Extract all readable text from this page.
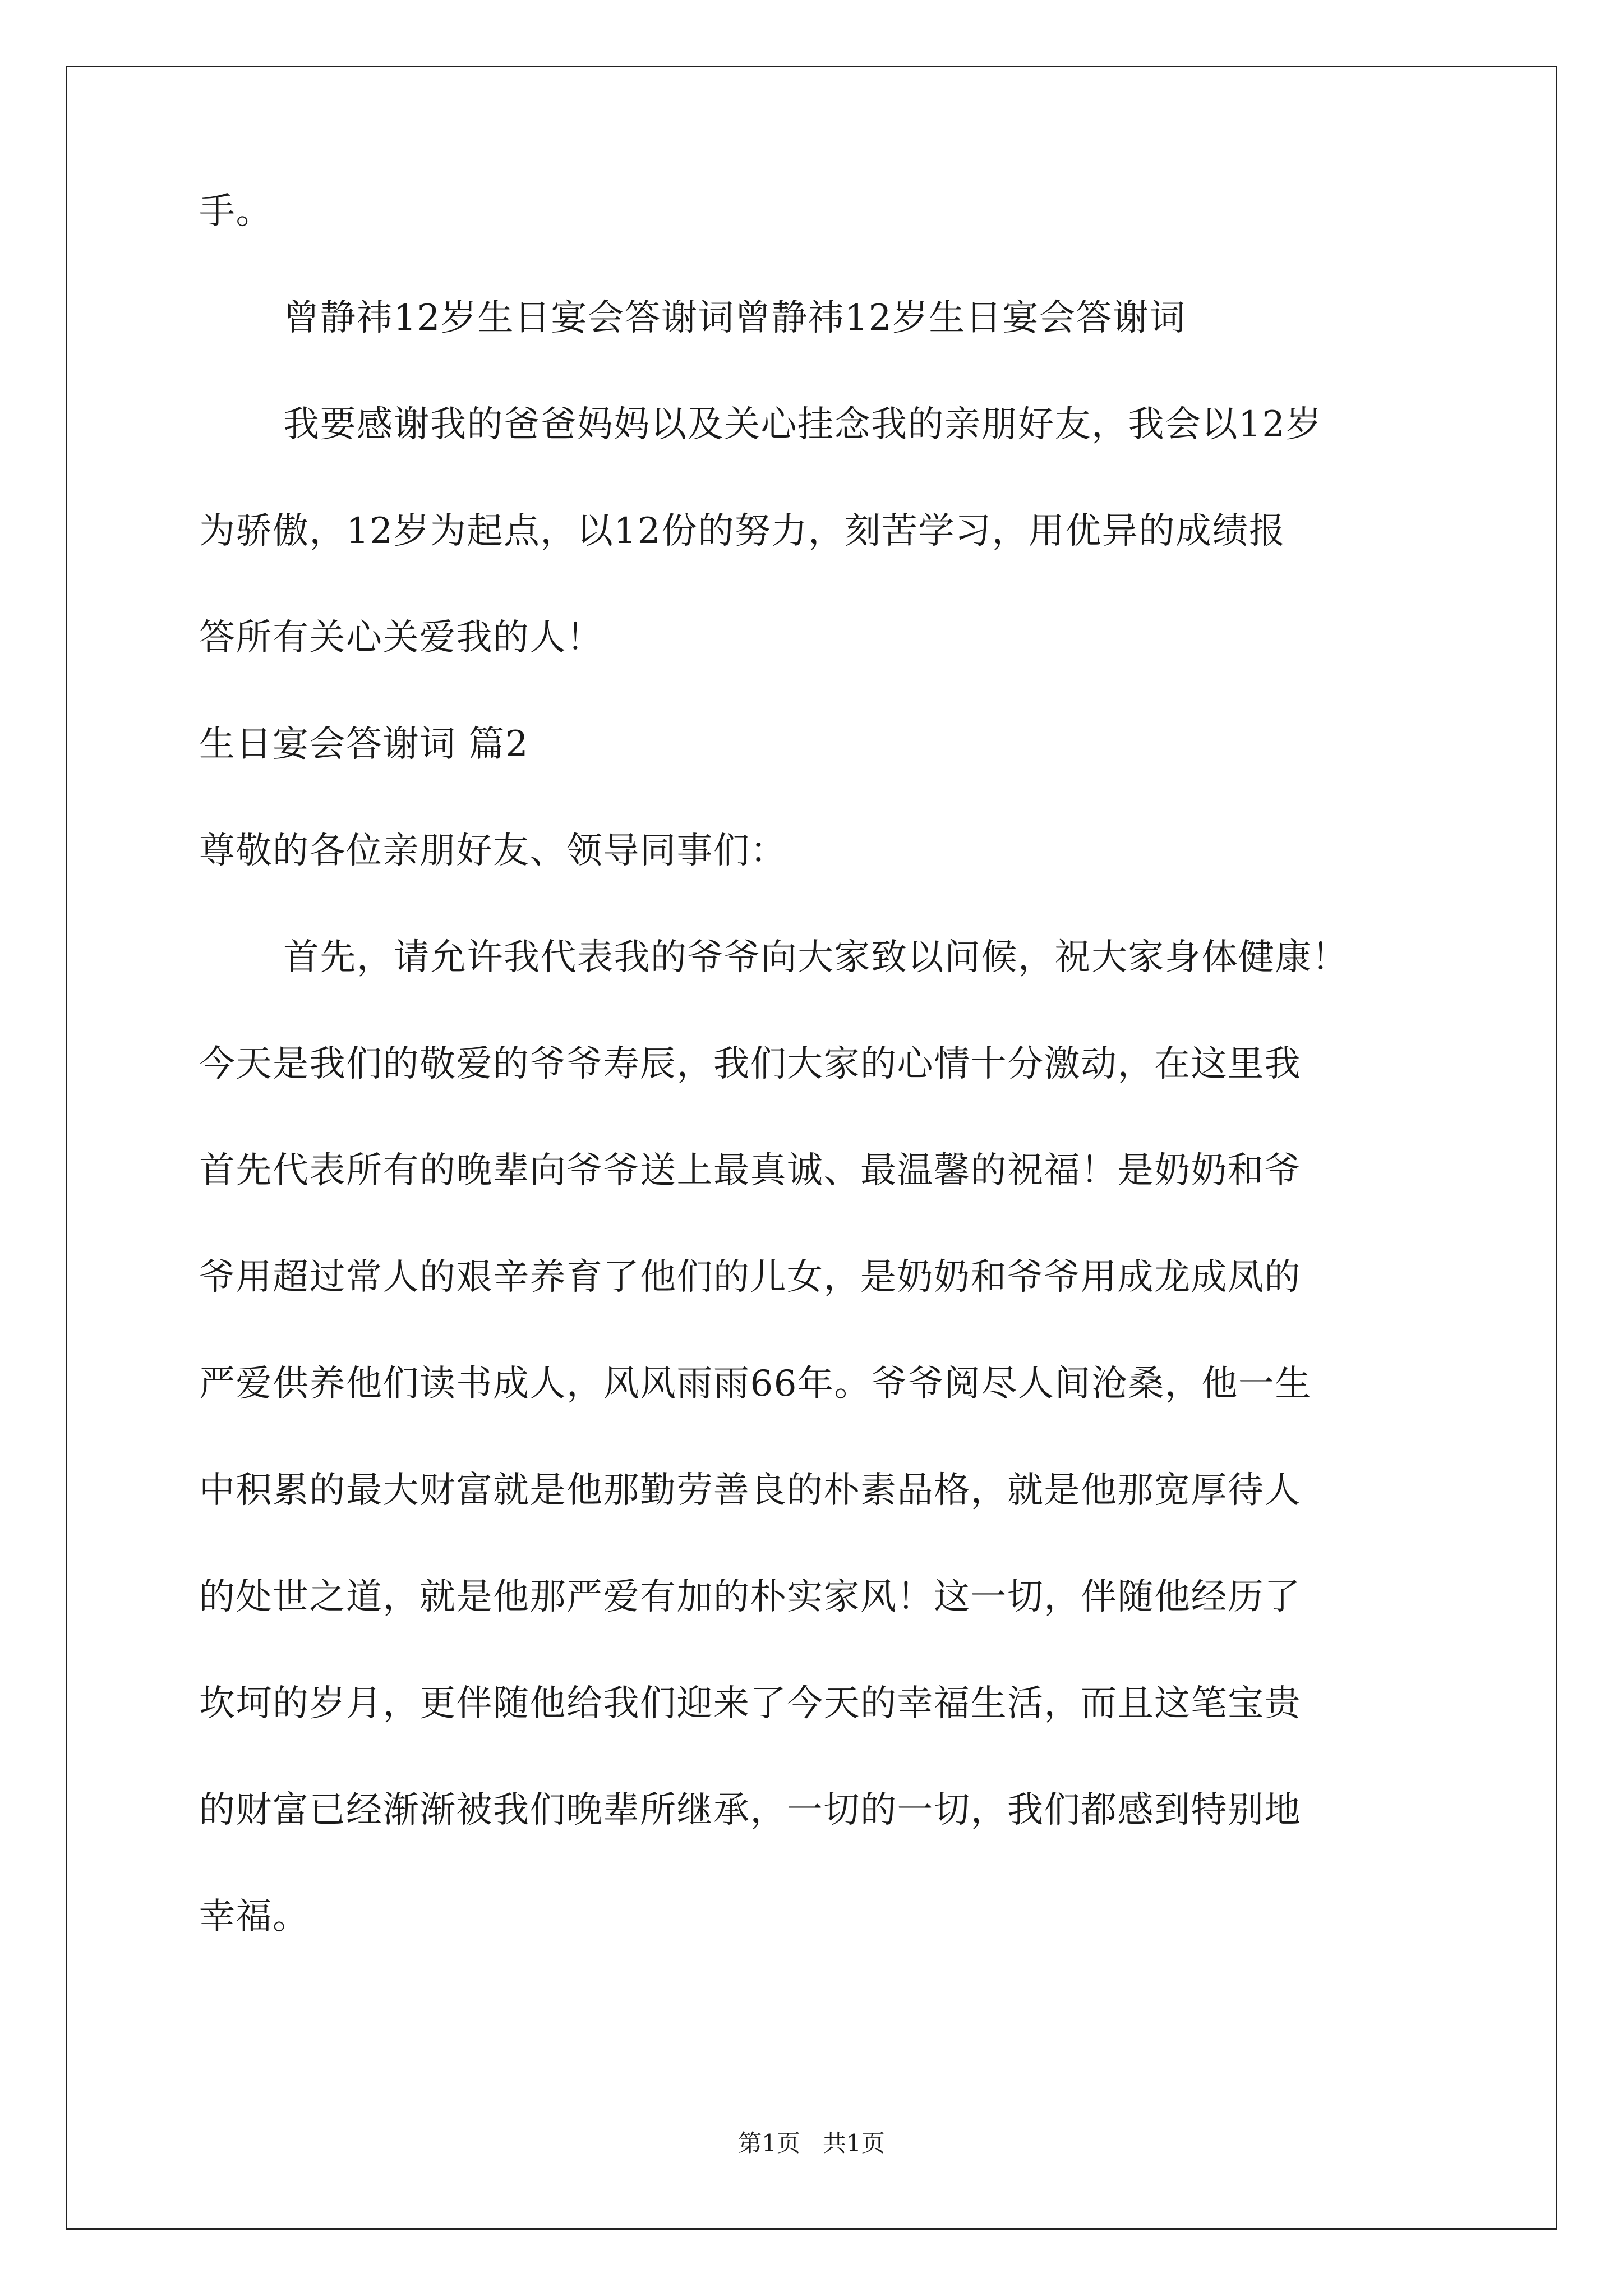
手。

曾静祎12岁生日宴会答谢词曾静祎12岁生日宴会答谢词

我要感谢我的爸爸妈妈以及关心挂念我的亲朋好友，我会以12岁

为骄傲，12岁为起点，以12份的努力，刻苦学习，用优异的成绩报

答所有关心关爱我的人！

生日宴会答谢词 篇2

尊敬的各位亲朋好友、领导同事们：

首先，请允许我代表我的爷爷向大家致以问候，祝大家身体健康！

今天是我们的敬爱的爷爷寿辰，我们大家的心情十分激动，在这里我

首先代表所有的晚辈向爷爷送上最真诚、最温馨的祝福！是奶奶和爷

爷用超过常人的艰辛养育了他们的儿女，是奶奶和爷爷用成龙成凤的

严爱供养他们读书成人，风风雨雨66年。爷爷阅尽人间沧桑，他一生

中积累的最大财富就是他那勤劳善良的朴素品格，就是他那宽厚待人

的处世之道，就是他那严爱有加的朴实家风！这一切，伴随他经历了

坎坷的岁月，更伴随他给我们迎来了今天的幸福生活，而且这笔宝贵

的财富已经渐渐被我们晚辈所继承，一切的一切，我们都感到特别地

幸福。

第1页   共1页
